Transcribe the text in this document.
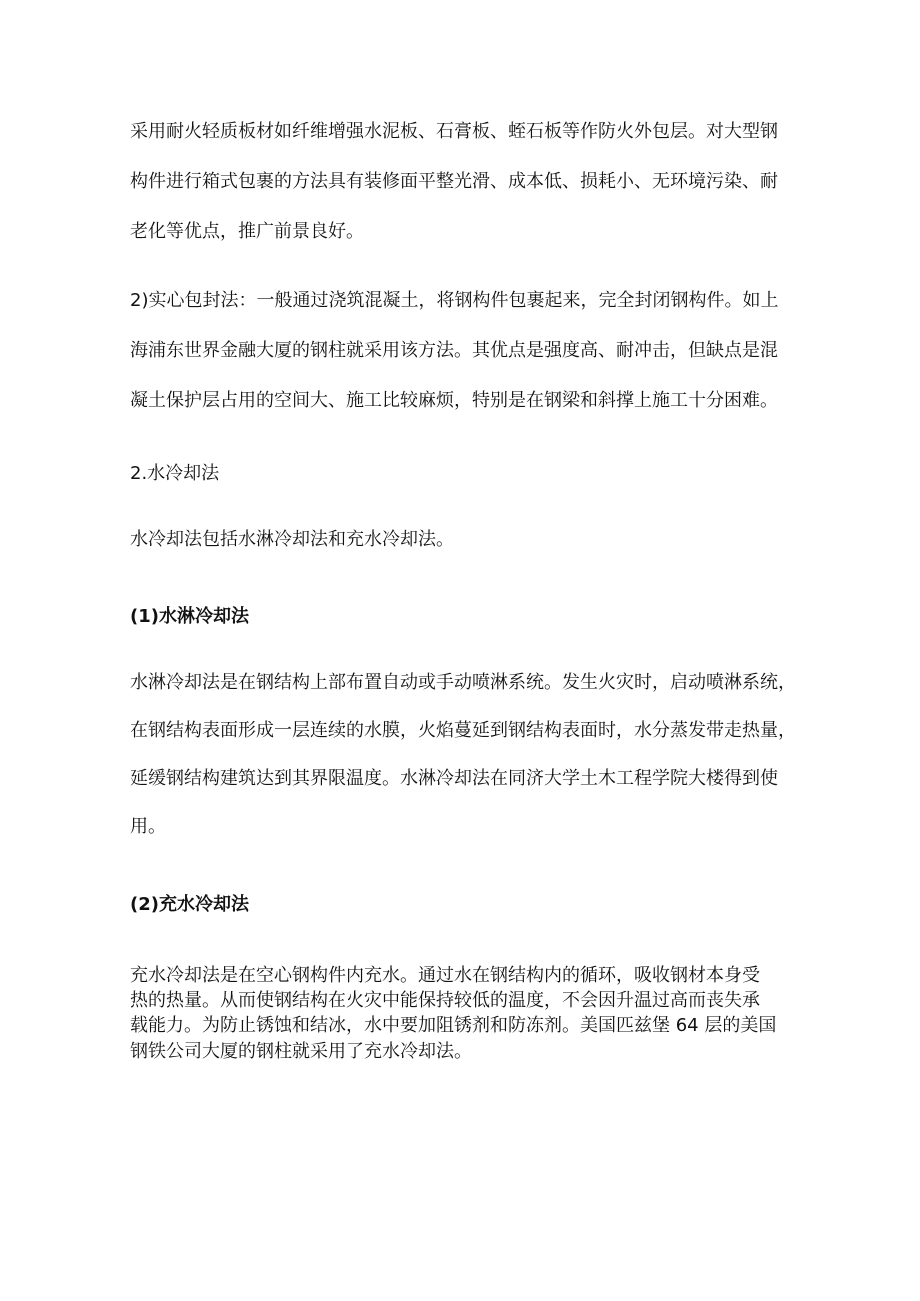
采用耐火轻质板材如纤维增强水泥板、石膏板、蛭石板等作防火外包层。对大型钢
构件进行箱式包裹的方法具有装修面平整光滑、成本低、损耗小、无环境污染、耐
老化等优点，推广前景良好。
2)实心包封法：一般通过浇筑混凝土，将钢构件包裹起来，完全封闭钢构件。如上
海浦东世界金融大厦的钢柱就采用该方法。其优点是强度高、耐冲击，但缺点是混
凝土保护层占用的空间大、施工比较麻烦，特别是在钢梁和斜撑上施工十分困难。
2.水冷却法
水冷却法包括水淋冷却法和充水冷却法。
(1)水淋冷却法
水淋冷却法是在钢结构上部布置自动或手动喷淋系统。发生火灾时，启动喷淋系统，
在钢结构表面形成一层连续的水膜，火焰蔓延到钢结构表面时，水分蒸发带走热量，
延缓钢结构建筑达到其界限温度。水淋冷却法在同济大学土木工程学院大楼得到使
用。
(2)充水冷却法
充水冷却法是在空心钢构件内充水。通过水在钢结构内的循环，吸收钢材本身受
热的热量。从而使钢结构在火灾中能保持较低的温度，不会因升温过高而丧失承
载能力。为防止锈蚀和结冰，水中要加阻锈剂和防冻剂。美国匹兹堡 64 层的美国
钢铁公司大厦的钢柱就采用了充水冷却法。
